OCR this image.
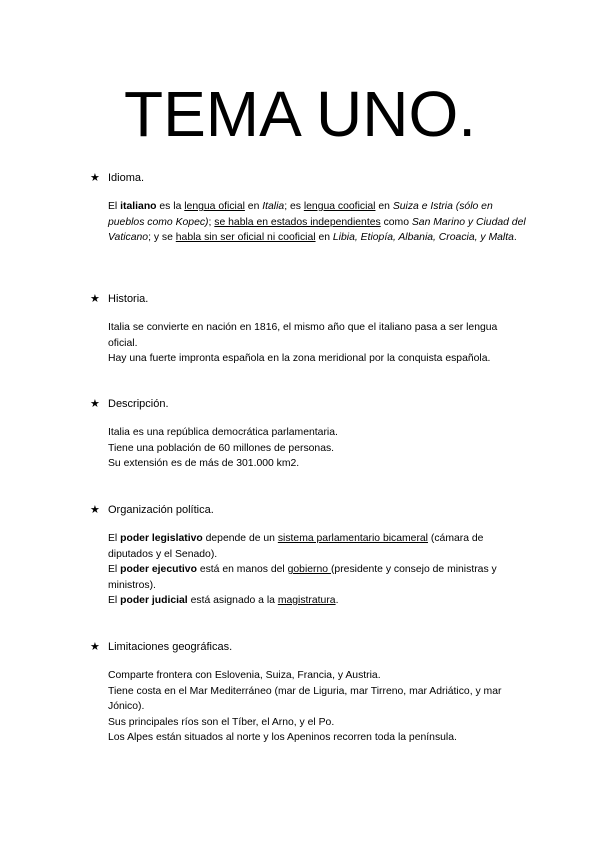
TEMA UNO.
★ Idioma.

El italiano es la lengua oficial en Italia; es lengua cooficial en Suiza e Istria (sólo en pueblos como Kopec); se habla en estados independientes como San Marino y Ciudad del Vaticano; y se habla sin ser oficial ni cooficial en Libia, Etiopía, Albania, Croacia, y Malta.

★ Historia.

Italia se convierte en nación en 1816, el mismo año que el italiano pasa a ser lengua oficial.

Hay una fuerte impronta española en la zona meridional por la conquista española.

★ Descripción.

Italia es una república democrática parlamentaria.

Tiene una población de 60 millones de personas.

Su extensión es de más de 301.000 km2.

★ Organización política.

El poder legislativo depende de un sistema parlamentario bicameral (cámara de diputados y el Senado).

El poder ejecutivo está en manos del gobierno (presidente y consejo de ministras y ministros).

El poder judicial está asignado a la magistratura.

★ Limitaciones geográficas.

Comparte frontera con Eslovenia, Suiza, Francia, y Austria.

Tiene costa en el Mar Mediterráneo (mar de Liguria, mar Tirreno, mar Adriático, y mar Jónico).

Sus principales ríos son el Tíber, el Arno, y el Po.

Los Alpes están situados al norte y los Apeninos recorren toda la península.
